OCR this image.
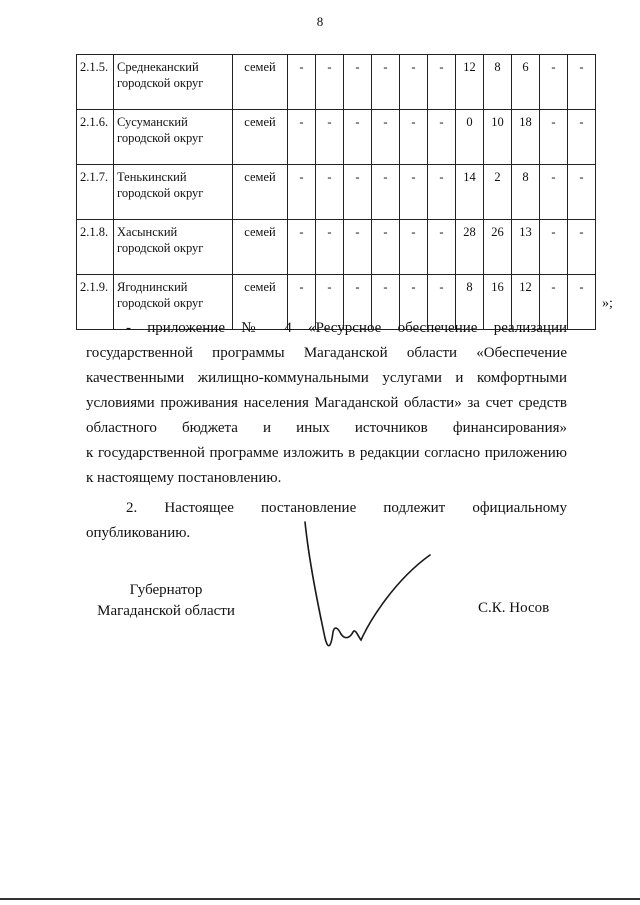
8
2.1.5.	Среднеканский городской округ	семей	-	-	-	-	-	-	12	8	6	-	-
2.1.6.	Сусуманский городской округ	семей	-	-	-	-	-	-	0	10	18	-	-
2.1.7.	Тенькинский городской округ	семей	-	-	-	-	-	-	14	2	8	-	-
2.1.8.	Хасынский городской округ	семей	-	-	-	-	-	-	28	26	13	-	-
2.1.9.	Ягоднинский городской округ	семей	-	-	-	-	-	-	8	16	12	-	-
»;
- приложение № 4 «Ресурсное обеспечение реализации
государственной программы Магаданской области «Обеспечение
качественными жилищно-коммунальными услугами и комфортными
условиями проживания населения Магаданской области» за счет средств
областного бюджета и иных источников финансирования»
к государственной программе изложить в редакции согласно приложению
к настоящему постановлению.
2. Настоящее постановление подлежит официальному
опубликованию.
Губернатор
Магаданской области	С.К. Носов
